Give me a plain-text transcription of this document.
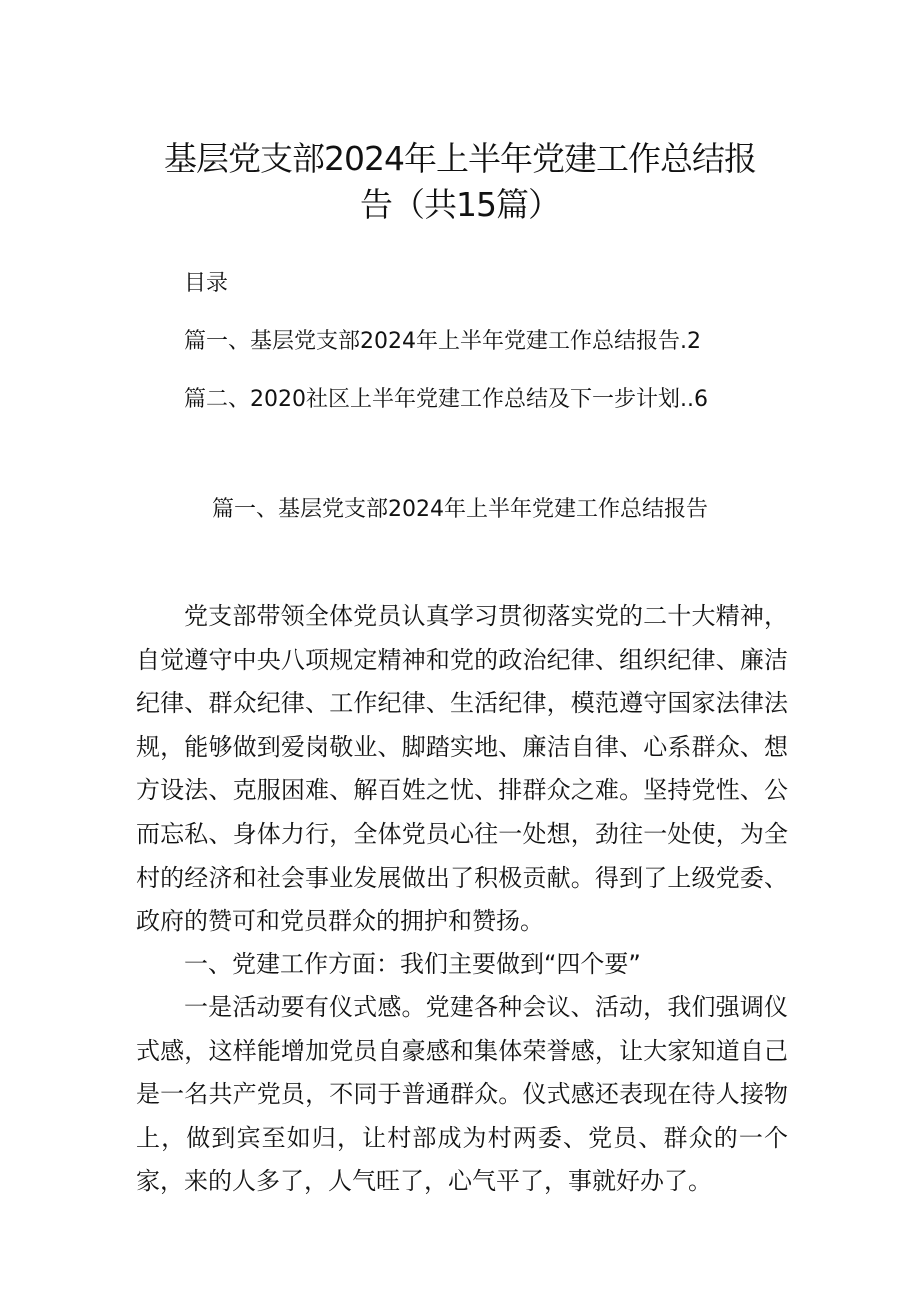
基层党支部2024年上半年党建工作总结报
告（共15篇）
目录
篇一、基层党支部2024年上半年党建工作总结报告.2
篇二、2020社区上半年党建工作总结及下一步计划..6
篇一、基层党支部2024年上半年党建工作总结报告
党支部带领全体党员认真学习贯彻落实党的二十大精神，自觉遵守中央八项规定精神和党的政治纪律、组织纪律、廉洁纪律、群众纪律、工作纪律、生活纪律，模范遵守国家法律法规，能够做到爱岗敬业、脚踏实地、廉洁自律、心系群众、想方设法、克服困难、解百姓之忧、排群众之难。坚持党性、公而忘私、身体力行，全体党员心往一处想，劲往一处使，为全村的经济和社会事业发展做出了积极贡献。得到了上级党委、政府的赞可和党员群众的拥护和赞扬。
一、党建工作方面：我们主要做到“四个要”
一是活动要有仪式感。党建各种会议、活动，我们强调仪式感，这样能增加党员自豪感和集体荣誉感，让大家知道自己是一名共产党员，不同于普通群众。仪式感还表现在待人接物上，做到宾至如归，让村部成为村两委、党员、群众的一个家，来的人多了，人气旺了，心气平了，事就好办了。
